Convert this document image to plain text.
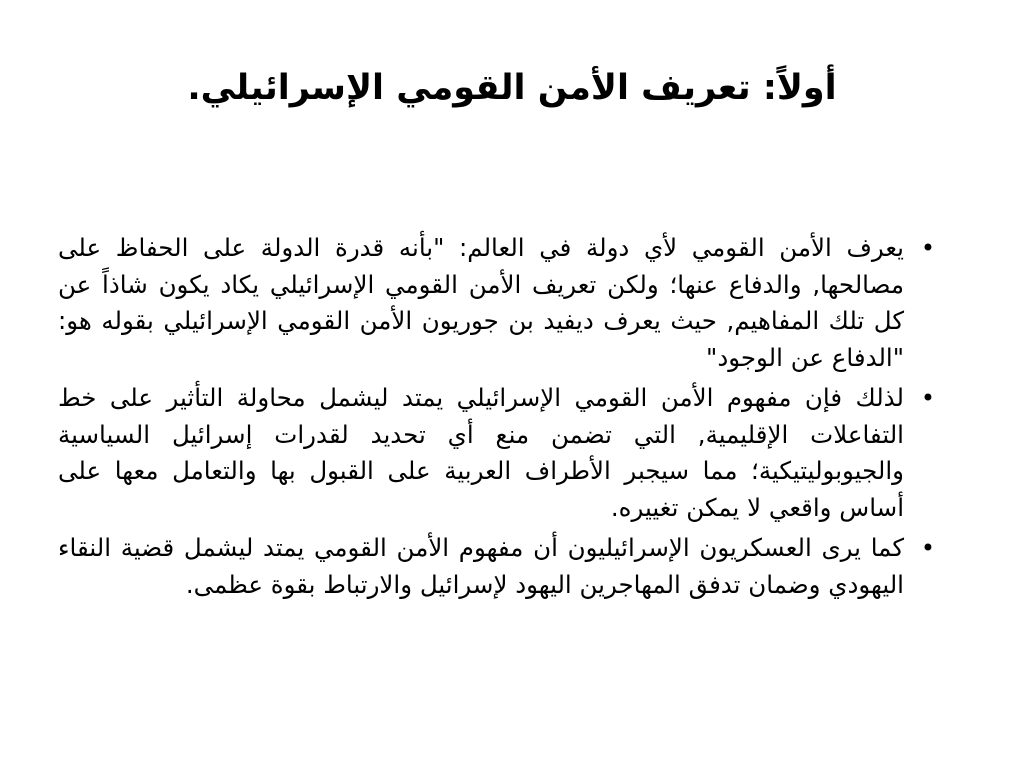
أولاً: تعريف الأمن القومي الإسرائيلي.
•
يعرف الأمن القومي لأي دولة في العالم: "بأنه قدرة الدولة على الحفاظ على مصالحها, والدفاع عنها؛ ولكن تعريف الأمن القومي الإسرائيلي يكاد يكون شاذاً عن كل تلك المفاهيم, حيث يعرف ديفيد بن جوريون الأمن القومي الإسرائيلي بقوله هو: "الدفاع عن الوجود"
•
لذلك فإن مفهوم الأمن القومي الإسرائيلي يمتد ليشمل محاولة التأثير على خط التفاعلات الإقليمية, التي تضمن منع أي تحديد لقدرات إسرائيل السياسية والجيوبوليتيكية؛ مما سيجبر الأطراف العربية على القبول بها والتعامل معها على أساس واقعي لا يمكن تغييره.
•
كما يرى العسكريون الإسرائيليون أن مفهوم الأمن القومي يمتد ليشمل قضية النقاء اليهودي وضمان تدفق المهاجرين اليهود لإسرائيل والارتباط بقوة عظمى.
